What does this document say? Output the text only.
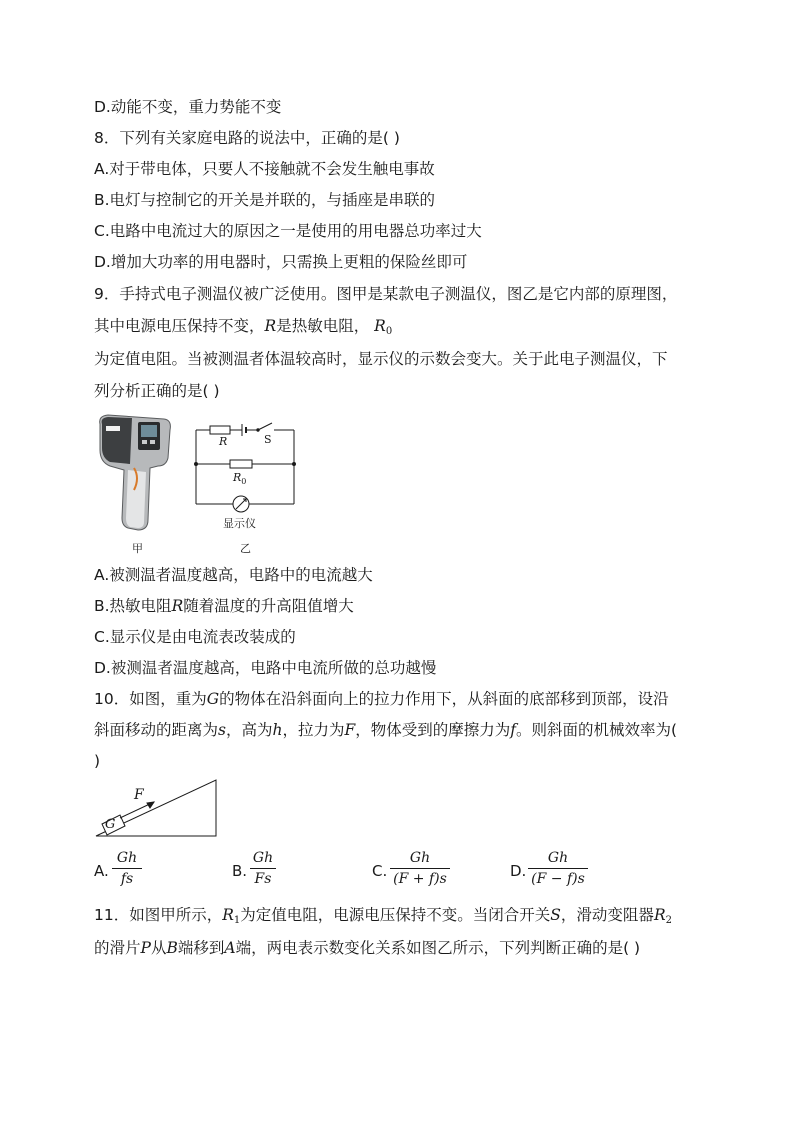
D.动能不变，重力势能不变
8．下列有关家庭电路的说法中，正确的是( )
A.对于带电体，只要人不接触就不会发生触电事故
B.电灯与控制它的开关是并联的，与插座是串联的
C.电路中电流过大的原因之一是使用的用电器总功率过大
D.增加大功率的用电器时，只需换上更粗的保险丝即可
9．手持式电子测温仪被广泛使用。图甲是某款电子测温仪，图乙是它内部的原理图，
其中电源电压保持不变，R是热敏电阻， $R_0$
为定值电阻。当被测温者体温较高时，显示仪的示数会变大。关于此电子测温仪，下
列分析正确的是( )
甲
R	S
$R_0$
显示仪
乙
A.被测温者温度越高，电路中的电流越大
B.热敏电阻R随着温度的升高阻值增大
C.显示仪是由电流表改装成的
D.被测温者温度越高，电路中电流所做的总功越慢
10．如图，重为G的物体在沿斜面向上的拉力作用下，从斜面的底部移到顶部，设沿
斜面移动的距离为s，高为h，拉力为F，物体受到的摩擦力为f。则斜面的机械效率为(
)
F
G
A.
Gh
fs	B.
Gh
Fs	C.
Gh
(F + f)s	D.
Gh
(F − f)s
11．如图甲所示，$R_1$为定值电阻，电源电压保持不变。当闭合开关S，滑动变阻器$R_2$
的滑片P从B端移到A端，两电表示数变化关系如图乙所示，下列判断正确的是( )
